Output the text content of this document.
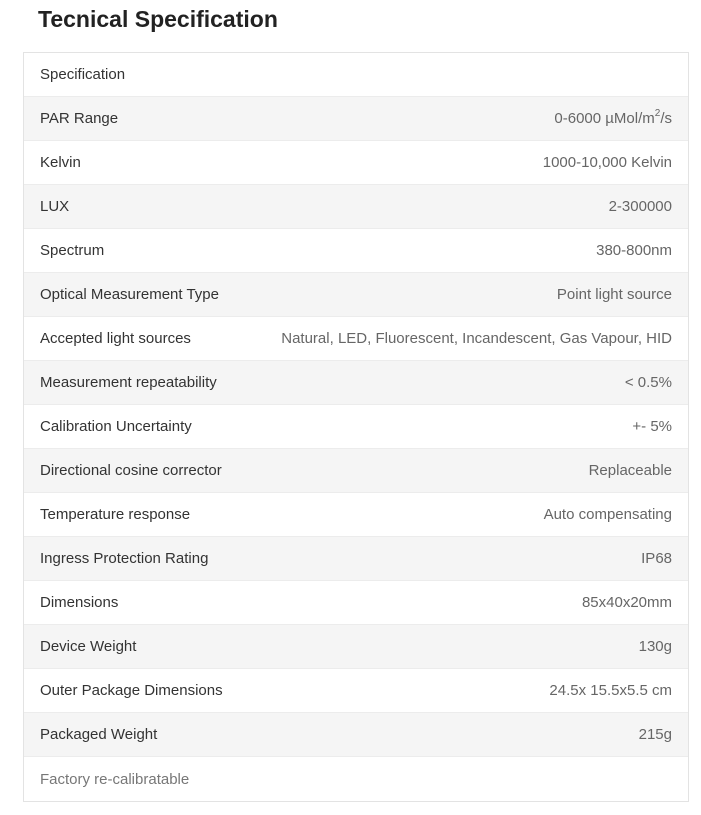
Tecnical Specification
Specification
PAR Range	0-6000 µMol/$m^2/s$
Kelvin	1000-10,000 Kelvin
LUX	2-300000
Spectrum	380-800nm
Optical Measurement Type	Point light source
Accepted light sources	Natural, LED, Fluorescent, Incandescent, Gas Vapour, HID
Measurement repeatability	< 0.5%
Calibration Uncertainty	+- 5%
Directional cosine corrector	Replaceable
Temperature response	Auto compensating
Ingress Protection Rating	IP68
Dimensions	85x40x20mm
Device Weight	130g
Outer Package Dimensions	24.5x 15.5x5.5 cm
Packaged Weight	215g
Factory re-calibratable
